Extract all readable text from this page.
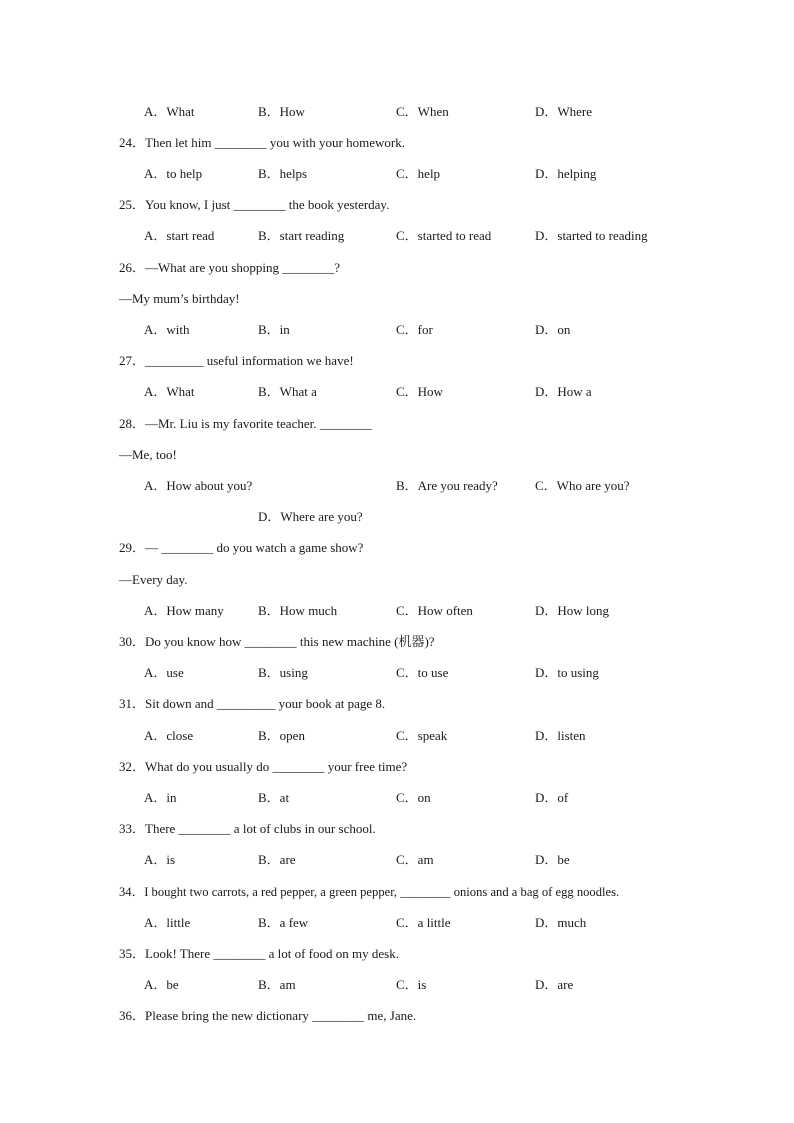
A．What	B．How	C．When	D．Where
24．Then let him ________ you with your homework.
A．to help	B．helps	C．help	D．helping
25．You know, I just ________ the book yesterday.
A．start read	B．start reading	C．started to read	D．started to reading
26．—What are you shopping ________?
—My mum’s birthday!
A．with	B．in	C．for	D．on
27．_________ useful information we have!
A．What	B．What a	C．How	D．How a
28．—Mr. Liu is my favorite teacher. ________
—Me, too!
A．How about you?	B．Are you ready?	C．Who are you?
D．Where are you?
29．— ________ do you watch a game show?
—Every day.
A．How many	B．How much	C．How often	D．How long
30．Do you know how ________ this new machine (机器)?
A．use	B．using	C．to use	D．to using
31．Sit down and _________ your book at page 8.
A．close	B．open	C．speak	D．listen
32．What do you usually do ________ your free time?
A．in	B．at	C．on	D．of
33．There ________ a lot of clubs in our school.
A．is	B．are	C．am	D．be
34．I bought two carrots, a red pepper, a green pepper, ________ onions and a bag of egg noodles.
A．little	B．a few	C．a little	D．much
35．Look! There ________ a lot of food on my desk.
A．be	B．am	C．is	D．are
36．Please bring the new dictionary ________ me, Jane.
